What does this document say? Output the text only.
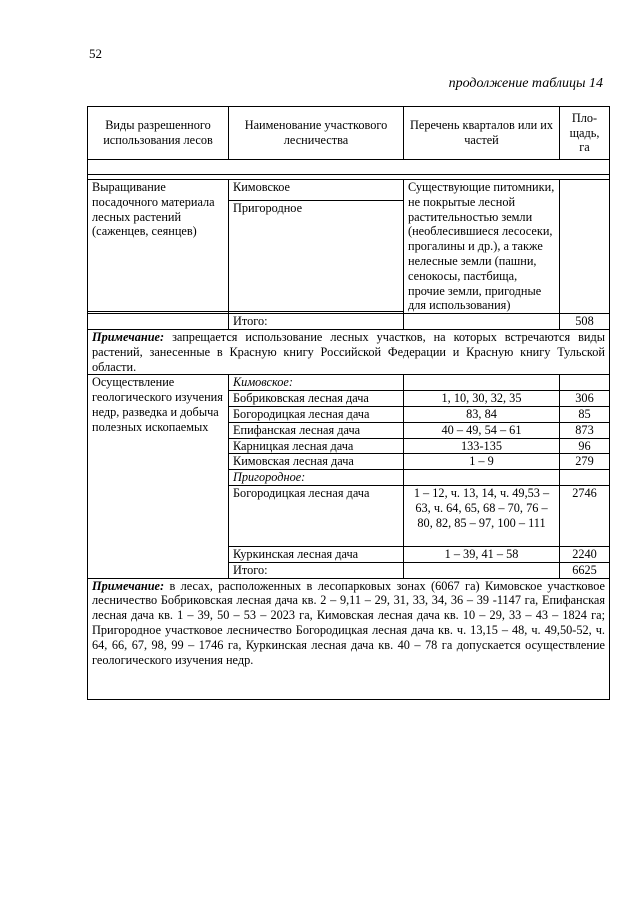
52
продолжение таблицы 14
Виды разрешенного использования лесов	Наименование участкового лесничества	Перечень кварталов или их частей	Пло-щадь, га

Выращивание посадочного материала лесных растений (саженцев, сеянцев)	Кимовское	Существующие питомники, не покрытые лесной растительностью земли (необлесившиеся лесосеки, прогалины и др.), а также нелесные земли (пашни, сенокосы, пастбища, прочие земли, пригодные для использования)	
	Пригородное		

	Итого:		508
Примечание: запрещается использование лесных участков, на которых встречаются виды растений, занесенные в Красную книгу Российской Федерации и Красную книгу Тульской области.			
Осуществление геологического изучения недр, разведка и добыча полезных ископаемых	Кимовское:		
	Бобриковская лесная дача	1, 10, 30, 32, 35	306
	Богородицкая лесная дача	83, 84	85
	Епифанская лесная дача	40 – 49, 54 – 61	873
	Карницкая лесная дача	133-135	96
	Кимовская лесная дача	1 – 9	279
	Пригородное:		
	Богородицкая лесная дача	1 – 12, ч. 13, 14, ч. 49,53 – 63, ч. 64, 65, 68 – 70, 76 – 80, 82, 85 – 97, 100 – 111	2746
	Куркинская лесная дача	1 – 39, 41 – 58	2240
	Итого:		6625
Примечание: в лесах, расположенных в лесопарковых зонах (6067 га) Кимовское участковое лесничество Бобриковская лесная дача кв. 2 – 9,11 – 29, 31, 33, 34, 36 – 39 -1147 га, Епифанская лесная дача кв. 1 – 39, 50 – 53 – 2023 га, Кимовская лесная дача кв. 10 – 29, 33 – 43 – 1824 га; Пригородное участковое лесничество Богородицкая лесная дача кв. ч. 13,15 – 48, ч. 49,50-52, ч. 64, 66, 67, 98, 99 – 1746 га, Куркинская лесная дача кв. 40 – 78 га допускается осуществление геологического изучения недр.			
